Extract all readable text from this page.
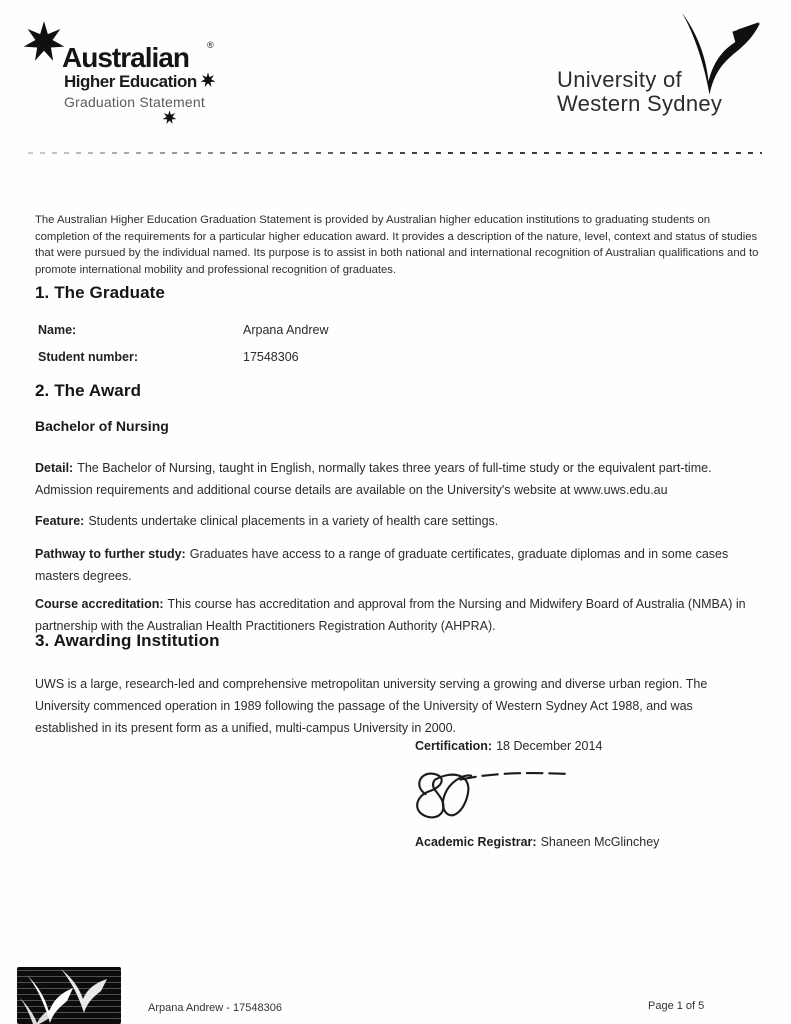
Australian ®
Higher Education
Graduation Statement
University of
Western Sydney

The Australian Higher Education Graduation Statement is provided by Australian higher education institutions to graduating students on completion of the requirements for a particular higher education award. It provides a description of the nature, level, context and status of studies that were pursued by the individual named. Its purpose is to assist in both national and international recognition of Australian qualifications and to promote international mobility and professional recognition of graduates.

1. The Graduate
Name:	Arpana Andrew
Student number:	17548306
2. The Award
Bachelor of Nursing

Detail: The Bachelor of Nursing, taught in English, normally takes three years of full-time study or the equivalent part-time. Admission requirements and additional course details are available on the University's website at www.uws.edu.au

Feature: Students undertake clinical placements in a variety of health care settings.

Pathway to further study: Graduates have access to a range of graduate certificates, graduate diplomas and in some cases masters degrees.

Course accreditation: This course has accreditation and approval from the Nursing and Midwifery Board of Australia (NMBA) in partnership with the Australian Health Practitioners Registration Authority (AHPRA).

3. Awarding Institution

UWS is a large, research-led and comprehensive metropolitan university serving a growing and diverse urban region. The University commenced operation in 1989 following the passage of the University of Western Sydney Act 1988, and was established in its present form as a unified, multi-campus University in 2000.

Certification: 18 December 2014
Academic Registrar: Shaneen McGlinchey
Arpana Andrew - 17548306	Page 1 of 5
